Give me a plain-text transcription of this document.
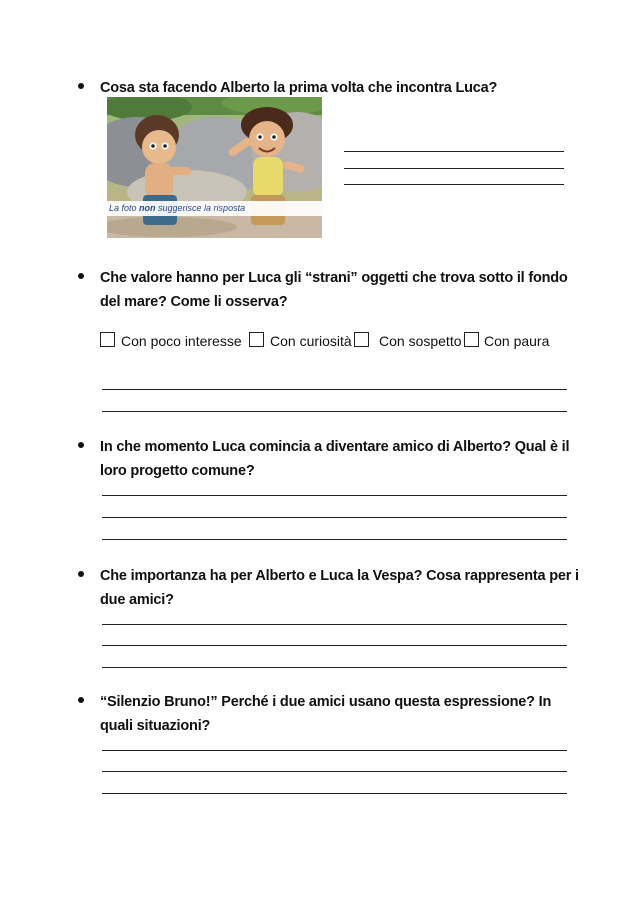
Cosa sta facendo Alberto la prima volta che incontra Luca?
La foto non suggerisce la risposta
Che valore hanno per Luca gli “strani” oggetti che trova sotto il fondo del mare? Come li osserva?
Con poco interesse Con curiosità Con sospetto Con paura
In che momento Luca comincia a diventare amico di Alberto? Qual è il loro progetto comune?
Che importanza ha per Alberto e Luca la Vespa? Cosa rappresenta per i due amici?
“Silenzio Bruno!” Perché i due amici usano questa espressione? In quali situazioni?
